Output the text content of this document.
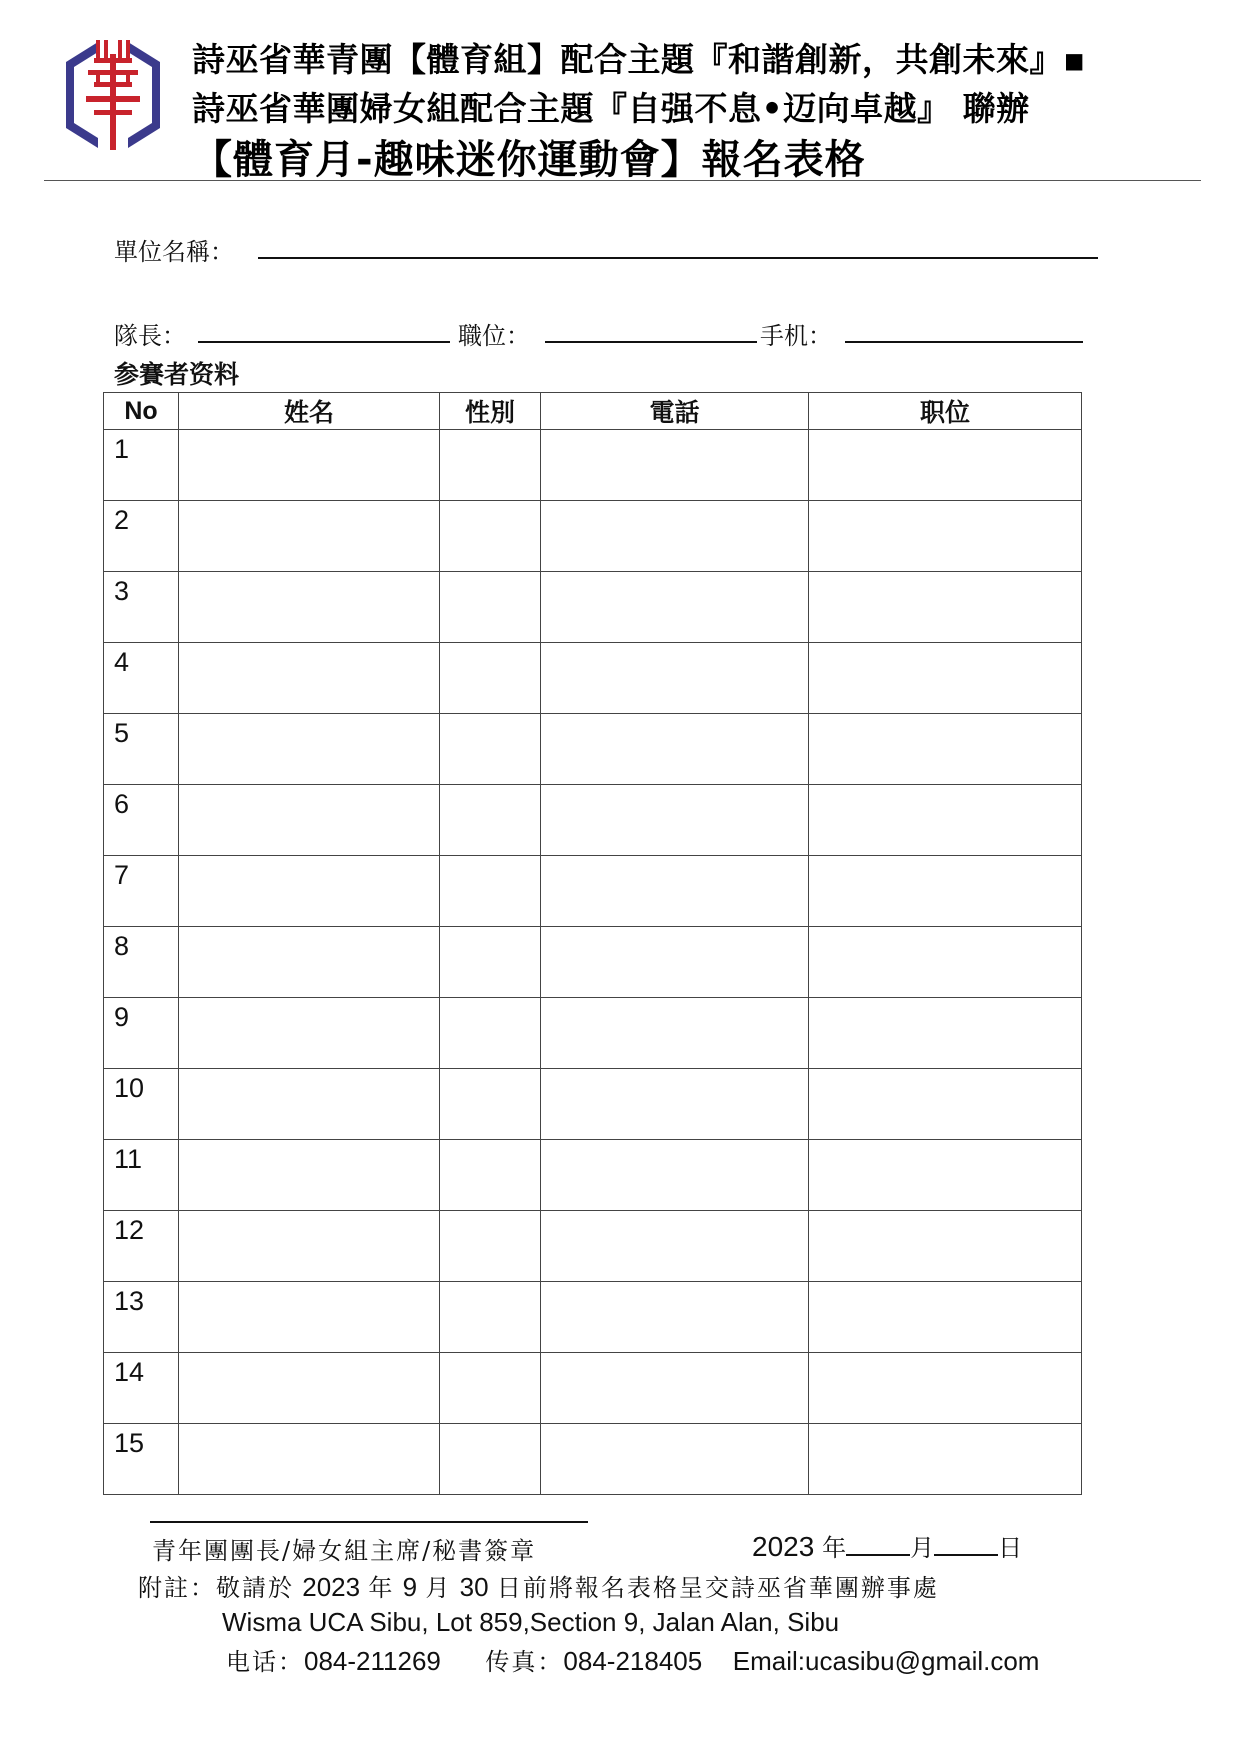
詩巫省華青團【體育組】配合主題『和諧創新，共創未來』▪
詩巫省華團婦女組配合主題『自强不息•迈向卓越』 聯辦
【體育月-趣味迷你運動會】報名表格
單位名稱：
隊長：	職位：	手机：
参賽者资料
No	姓名	性別	電話	职位
1				
2				
3				
4				
5				
6				
7				
8				
9				
10				
11				
12				
13				
14				
15				
青年團團長/婦女組主席/秘書簽章	2023 年	月	日
附註：敬請於 2023 年 9 月 30 日前將報名表格呈交詩巫省華團辦事處
Wisma UCA Sibu, Lot 859,Section 9, Jalan Alan, Sibu
电话：084-211269 传真：084-218405 Email:ucasibu@gmail.com
